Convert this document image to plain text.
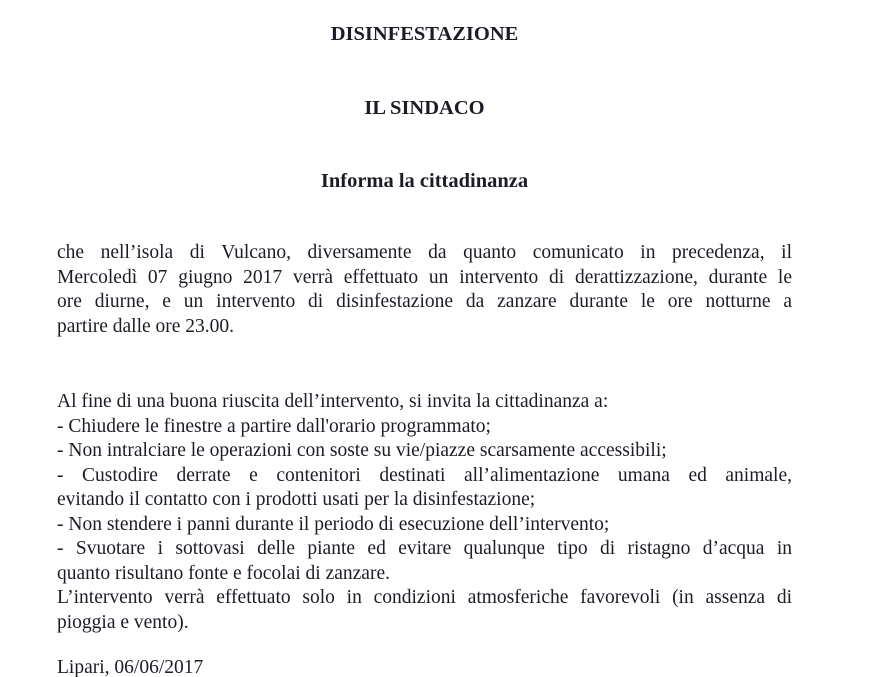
DISINFESTAZIONE
IL SINDACO
Informa la cittadinanza
che nell’isola di Vulcano, diversamente da quanto comunicato in precedenza, il
Mercoledì 07 giugno 2017 verrà effettuato un intervento di derattizzazione, durante le
ore diurne, e un intervento di disinfestazione da zanzare durante le ore notturne a
partire dalle ore 23.00.
Al fine di una buona riuscita dell’intervento, si invita la cittadinanza a:
- Chiudere le finestre a partire dall'orario programmato;
- Non intralciare le operazioni con soste su vie/piazze scarsamente accessibili;
- Custodire derrate e contenitori destinati all’alimentazione umana ed animale,
evitando il contatto con i prodotti usati per la disinfestazione;
- Non stendere i panni durante il periodo di esecuzione dell’intervento;
- Svuotare i sottovasi delle piante ed evitare qualunque tipo di ristagno d’acqua in
quanto risultano fonte e focolai di zanzare.
L’intervento verrà effettuato solo in condizioni atmosferiche favorevoli (in assenza di
pioggia e vento).
Lipari, 06/06/2017
